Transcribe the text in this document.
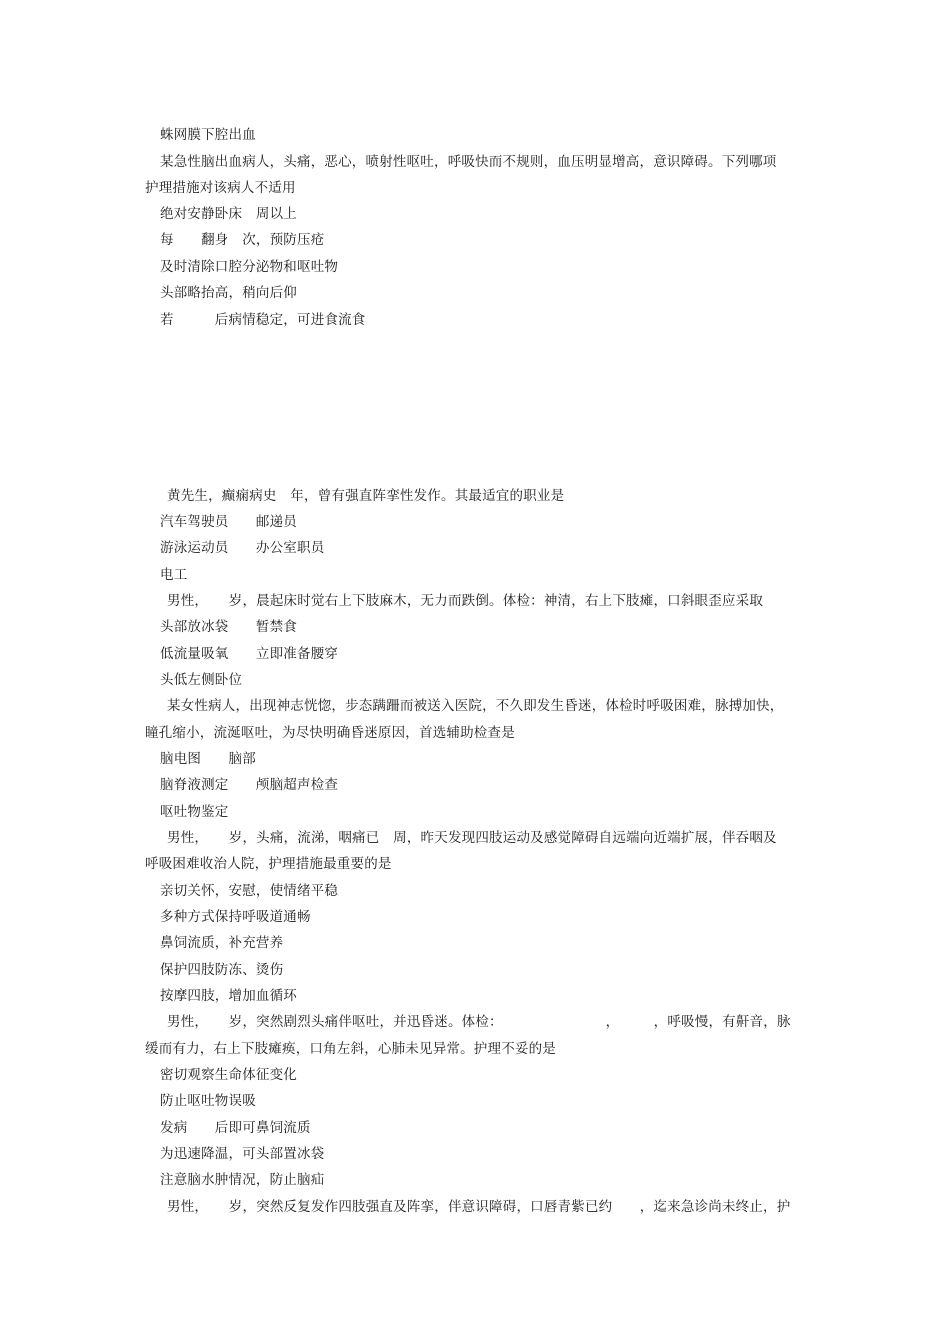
蛛网膜下腔出血
某急性脑出血病人，头痛，恶心，喷射性呕吐，呼吸快而不规则，血压明显增高，意识障碍。下列哪项
护理措施对该病人不适用
绝对安静卧床　周以上
每　　翻身　次，预防压疮
及时清除口腔分泌物和呕吐物
头部略抬高，稍向后仰
若　　　后病情稳定，可进食流食
黄先生，癫痫病史　年，曾有强直阵挛性发作。其最适宜的职业是
汽车驾驶员　　邮递员
游泳运动员　　办公室职员
电工
男性，　　岁，晨起床时觉右上下肢麻木，无力而跌倒。体检：神清，右上下肢瘫，口斜眼歪应采取
头部放冰袋　　暂禁食
低流量吸氧　　立即准备腰穿
头低左侧卧位
某女性病人，出现神志恍惚，步态蹒跚而被送入医院，不久即发生昏迷，体检时呼吸困难，脉搏加快，
瞳孔缩小，流涎呕吐，为尽快明确昏迷原因，首选辅助检查是
脑电图　　脑部
脑脊液测定　　颅脑超声检查
呕吐物鉴定
男性，　　岁，头痛，流涕，咽痛已　周，昨天发现四肢运动及感觉障碍自远端向近端扩展，伴吞咽及
呼吸困难收治人院，护理措施最重要的是
亲切关怀，安慰，使情绪平稳
多种方式保持呼吸道通畅
鼻饲流质，补充营养
保护四肢防冻、烫伤
按摩四肢，增加血循环
男性，　　岁，突然剧烈头痛伴呕吐，并迅昏迷。体检：　　　　　　　　，　　　，呼吸慢，有鼾音，脉
缓而有力，右上下肢瘫痪，口角左斜，心肺未见异常。护理不妥的是
密切观察生命体征变化
防止呕吐物误吸
发病　　后即可鼻饲流质
为迅速降温，可头部置冰袋
注意脑水肿情况，防止脑疝
男性，　　岁，突然反复发作四肢强直及阵挛，伴意识障碍，口唇青紫已约　　，迄来急诊尚未终止，护
